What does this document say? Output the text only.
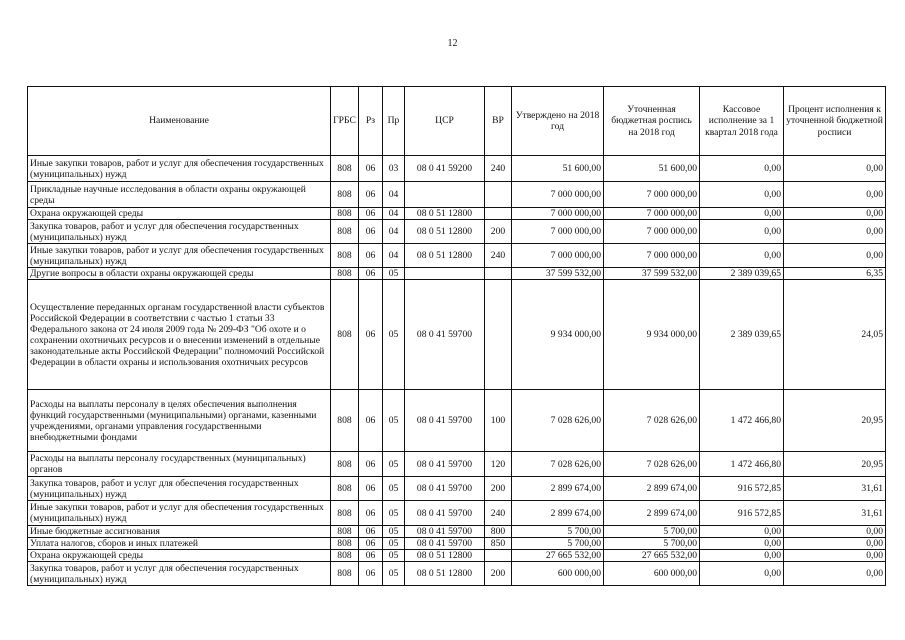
12
Наименование	ГРБС	Рз	Пр	ЦСР	ВР	Утверждено на 2018 год	Уточненная бюджетная роспись на 2018 год	Кассовое исполнение за 1 квартал 2018 года	Процент исполнения к уточненной бюджетной росписи
Иные закупки товаров, работ и услуг для обеспечения государственных (муниципальных) нужд	808	06	03	08 0 41 59200	240	51 600,00	51 600,00	0,00	0,00
Прикладные научные исследования в области охраны окружающей среды	808	06	04			7 000 000,00	7 000 000,00	0,00	0,00
Охрана окружающей среды	808	06	04	08 0 51 12800		7 000 000,00	7 000 000,00	0,00	0,00
Закупка товаров, работ и услуг для обеспечения государственных (муниципальных) нужд	808	06	04	08 0 51 12800	200	7 000 000,00	7 000 000,00	0,00	0,00
Иные закупки товаров, работ и услуг для обеспечения государственных (муниципальных) нужд	808	06	04	08 0 51 12800	240	7 000 000,00	7 000 000,00	0,00	0,00
Другие вопросы в области охраны окружающей среды	808	06	05			37 599 532,00	37 599 532,00	2 389 039,65	6,35
Осуществление переданных органам государственной власти субъектов Российской Федерации в соответствии с частью 1 статьи 33 Федерального закона от 24 июля 2009 года № 209-ФЗ "Об охоте и о сохранении охотничьих ресурсов и о внесении изменений в отдельные законодательные акты Российской Федерации" полномочий Российской Федерации в области охраны и использования охотничьих ресурсов	808	06	05	08 0 41 59700		9 934 000,00	9 934 000,00	2 389 039,65	24,05
Расходы на выплаты персоналу в целях обеспечения выполнения функций государственными (муниципальными) органами, казенными учреждениями, органами управления государственными внебюджетными фондами	808	06	05	08 0 41 59700	100	7 028 626,00	7 028 626,00	1 472 466,80	20,95
Расходы на выплаты персоналу государственных (муниципальных) органов	808	06	05	08 0 41 59700	120	7 028 626,00	7 028 626,00	1 472 466,80	20,95
Закупка товаров, работ и услуг для обеспечения государственных (муниципальных) нужд	808	06	05	08 0 41 59700	200	2 899 674,00	2 899 674,00	916 572,85	31,61
Иные закупки товаров, работ и услуг для обеспечения государственных (муниципальных) нужд	808	06	05	08 0 41 59700	240	2 899 674,00	2 899 674,00	916 572,85	31,61
Иные бюджетные ассигнования	808	06	05	08 0 41 59700	800	5 700,00	5 700,00	0,00	0,00
Уплата налогов, сборов и иных платежей	808	06	05	08 0 41 59700	850	5 700,00	5 700,00	0,00	0,00
Охрана окружающей среды	808	06	05	08 0 51 12800		27 665 532,00	27 665 532,00	0,00	0,00
Закупка товаров, работ и услуг для обеспечения государственных (муниципальных) нужд	808	06	05	08 0 51 12800	200	600 000,00	600 000,00	0,00	0,00
